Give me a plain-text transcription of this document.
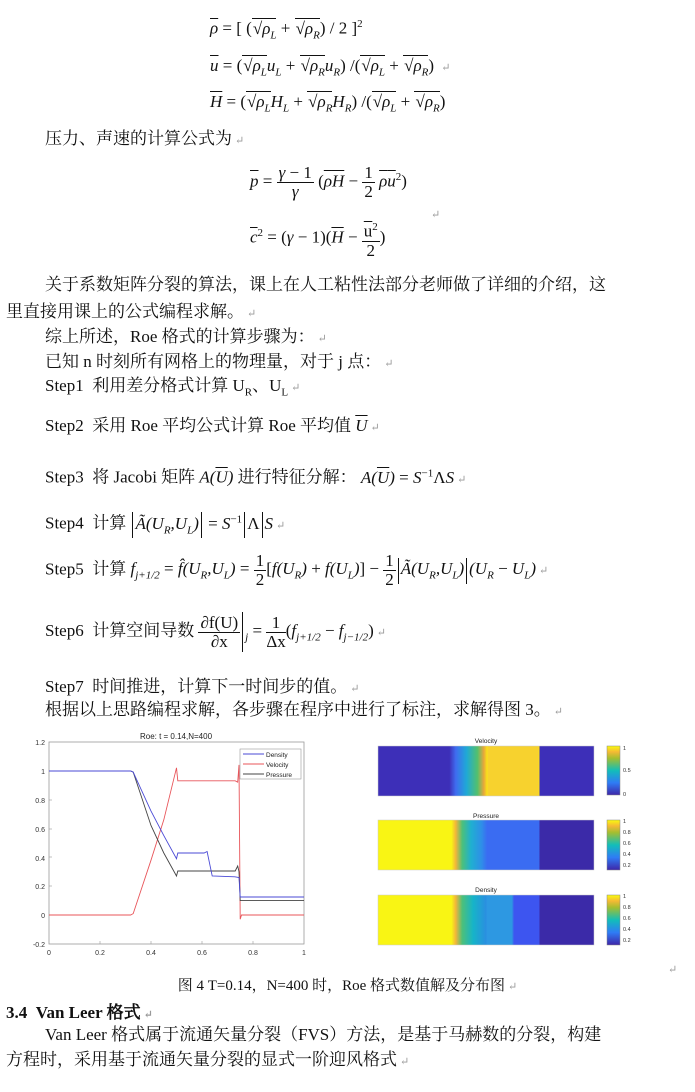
$\overline{\rho}$ = [ ( √ $\rho_L$ + √ $\rho_R) / 2$ ]$^2$
$\overline{u}$ = ( √ $\rho_Lu_L$ + √ $\rho_Ru_R$) /( √ $\rho_L$ + √ $\rho_R$) ↵
$\overline{H}$ = ( √ $\rho_LH_L$ + √ $\rho_RH_R$) /( √ $\rho_L$ + √ $\rho_R$)
压力、声速的计算公式为 ↵
$\overline{p} = \frac{\gamma - 1}{\gamma} (\overline{\rho}\overline{H} - \frac{1}{2} \overline{\rho}\overline{u}^2)$
↵
$\overline{c}^2 = (\gamma - 1)(\overline{H} - \frac{\overline{u}^2}{2}$ )
关于系数矩阵分裂的算法，课上在人工粘性法部分老师做了详细的介绍，这
里直接用课上的公式编程求解。 ↵
综上所述，Roe 格式的计算步骤为： ↵
已知 n 时刻所有网格上的物理量，对于 j 点： ↵
Step1 利用差分格式计算 $U_R$、$U_L$ ↵
Step2 采用 Roe 平均公式计算 Roe 平均值 $\overline{U}$ ↵
Step3 将 Jacobi 矩阵 $A(\overline{U})$ 进行特征分解： $A(\overline{U}) = S^{-1}\Lambda S$ ↵
Step4 计算 $Ã(U_R,U_L) = S^{-1}$ Λ S ↵
Step5 计算 $f_{j+1/2}$ = $f̂(U_R,U_L) = \frac{1}{2} [f(U_R) + f(U_L)] - \frac{1}{2}$ $Ã(U_R,U_L) (U_R - U_L)$ ↵
Step6 计算空间导数 $\frac{\partial f(U)}{\partial x} _j = \frac{1}{\Delta x} (f_{j+1/2} - f_{j-1/2})$ ↵
Step7 时间推进，计算下一时间步的值。 ↵
根据以上思路编程求解，各步骤在程序中进行了标注，求解得图 3。 ↵
Roe: t = 0.14,N=400
1.2
1
0.8
0.6
0.4
0.2
0
-0.2
0	0.2	0.4	0.6	0.8	1
Density
Velocity
Pressure
Velocity
1
0.5
0
Pressure
1
0.8
0.6
0.4
0.2
Density
1
0.8
0.6
0.4
0.2
↵
图 4 T=0.14，N=400 时，Roe 格式数值解及分布图 ↵
3.4 Van Leer 格式 ↵
Van Leer 格式属于流通矢量分裂（FVS）方法，是基于马赫数的分裂，构建
方程时，采用基于流通矢量分裂的显式一阶迎风格式 ↵
